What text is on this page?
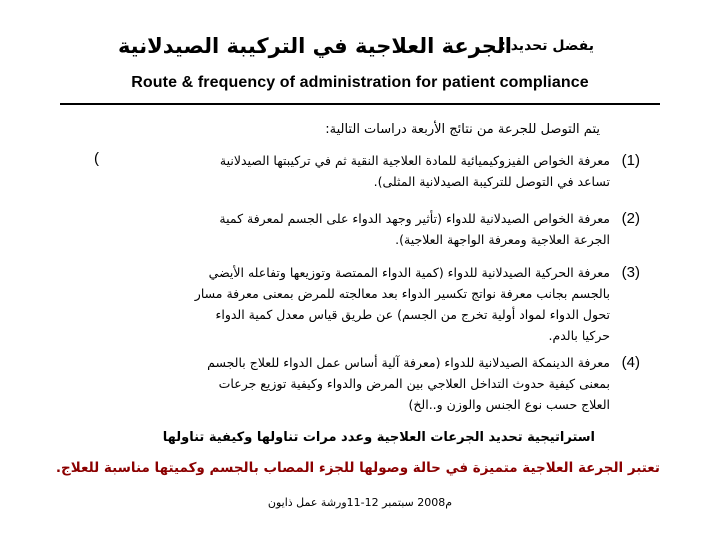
الجرعة العلاجية في التركيبة الصيدلانية
يفضل تحديد :
Route & frequency of administration for patient compliance
يتم التوصل للجرعة من نتائج الأربعة دراسات التالية:
(	(1)
معرفة الخواص الفيزوكيميائية للمادة العلاجية النقية ثم في تركيبتها الصيدلانية
تساعد في التوصل للتركيبة الصيدلانية المثلى).
(2)
معرفة الخواص الصيدلانية للدواء (تأثير وجهد الدواء على الجسم لمعرفة كمية
الجرعة العلاجية ومعرفة الواجهة العلاجية).
(3)
معرفة الحركية الصيدلانية للدواء (كمية الدواء الممتصة وتوزيعها وتفاعله الأيضي
بالجسم بجانب معرفة نواتج تكسير الدواء بعد معالجته للمرض بمعنى معرفة مسار
تحول الدواء لمواد أولية تخرج من الجسم) عن طريق قياس معدل كمية الدواء
حركيا بالدم.
(4)
معرفة الدينمكة الصيدلانية للدواء (معرفة آلية أساس عمل الدواء للعلاج بالجسم
بمعنى كيفية حدوث التداخل العلاجي بين المرض والدواء وكيفية توزيع جرعات
العلاج حسب نوع الجنس والوزن و..الخ)
استراتيجية تحديد الجرعات العلاجية وعدد مرات تناولها وكيفية تناولها
تعتبر الجرعة العلاجية متميزة في حالة وصولها للجزء المصاب بالجسم وكميتها مناسبة للعلاج.
م2008 سبتمبر 12-11ورشة عمل ذايون
